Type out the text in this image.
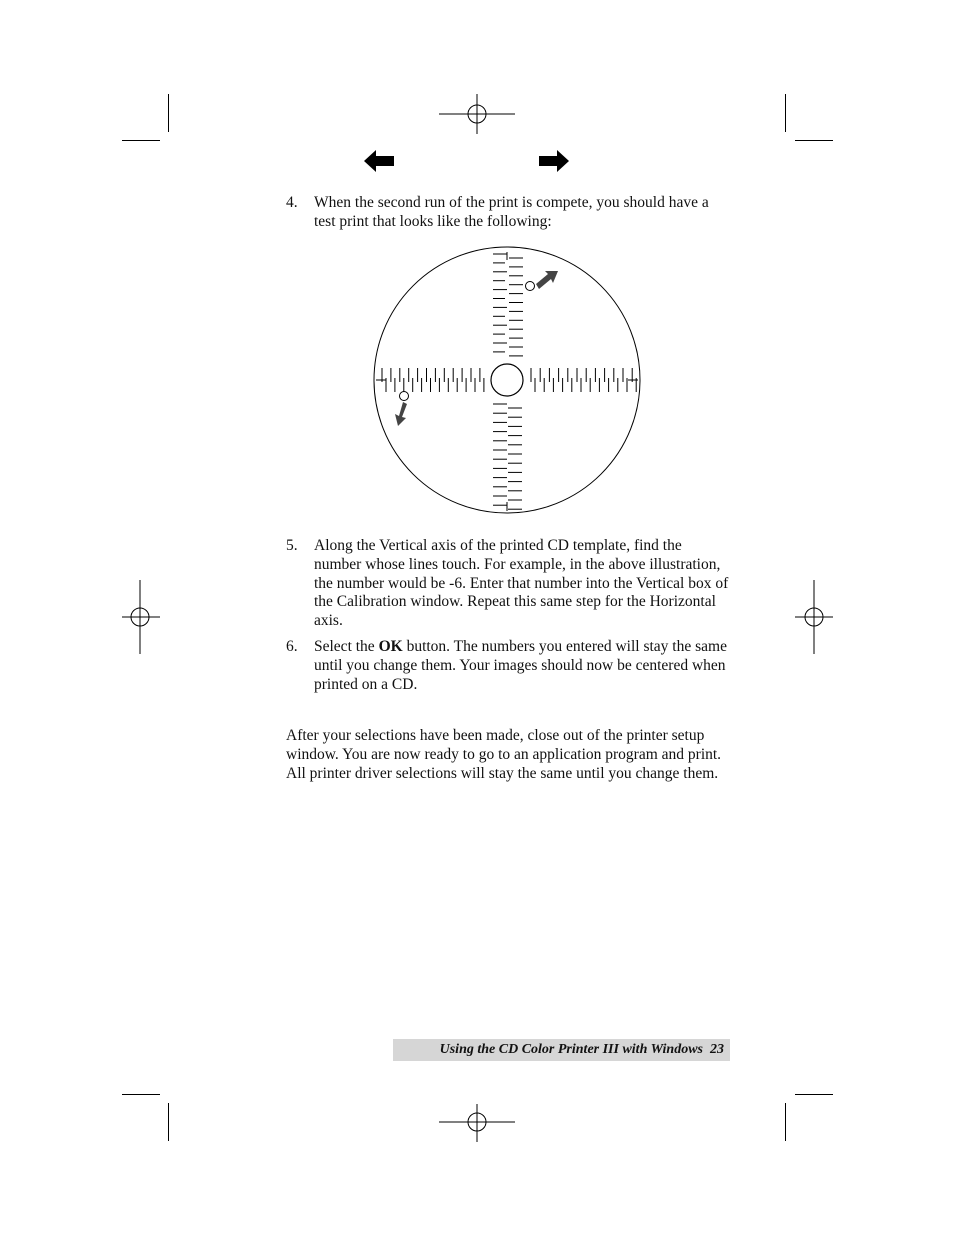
4. When the second run of the print is compete, you should have a test print that looks like the following:
5. Along the Vertical axis of the printed CD template, find the number whose lines touch. For example, in the above illustration, the number would be -6. Enter that number into the Vertical box of the Calibration window. Repeat this same step for the Horizontal axis.
6. Select the OK button. The numbers you entered will stay the same until you change them. Your images should now be centered when printed on a CD.
After your selections have been made, close out of the printer setup window. You are now ready to go to an application program and print. All printer driver selections will stay the same until you change them.
Using the CD Color Printer III with Windows 23
